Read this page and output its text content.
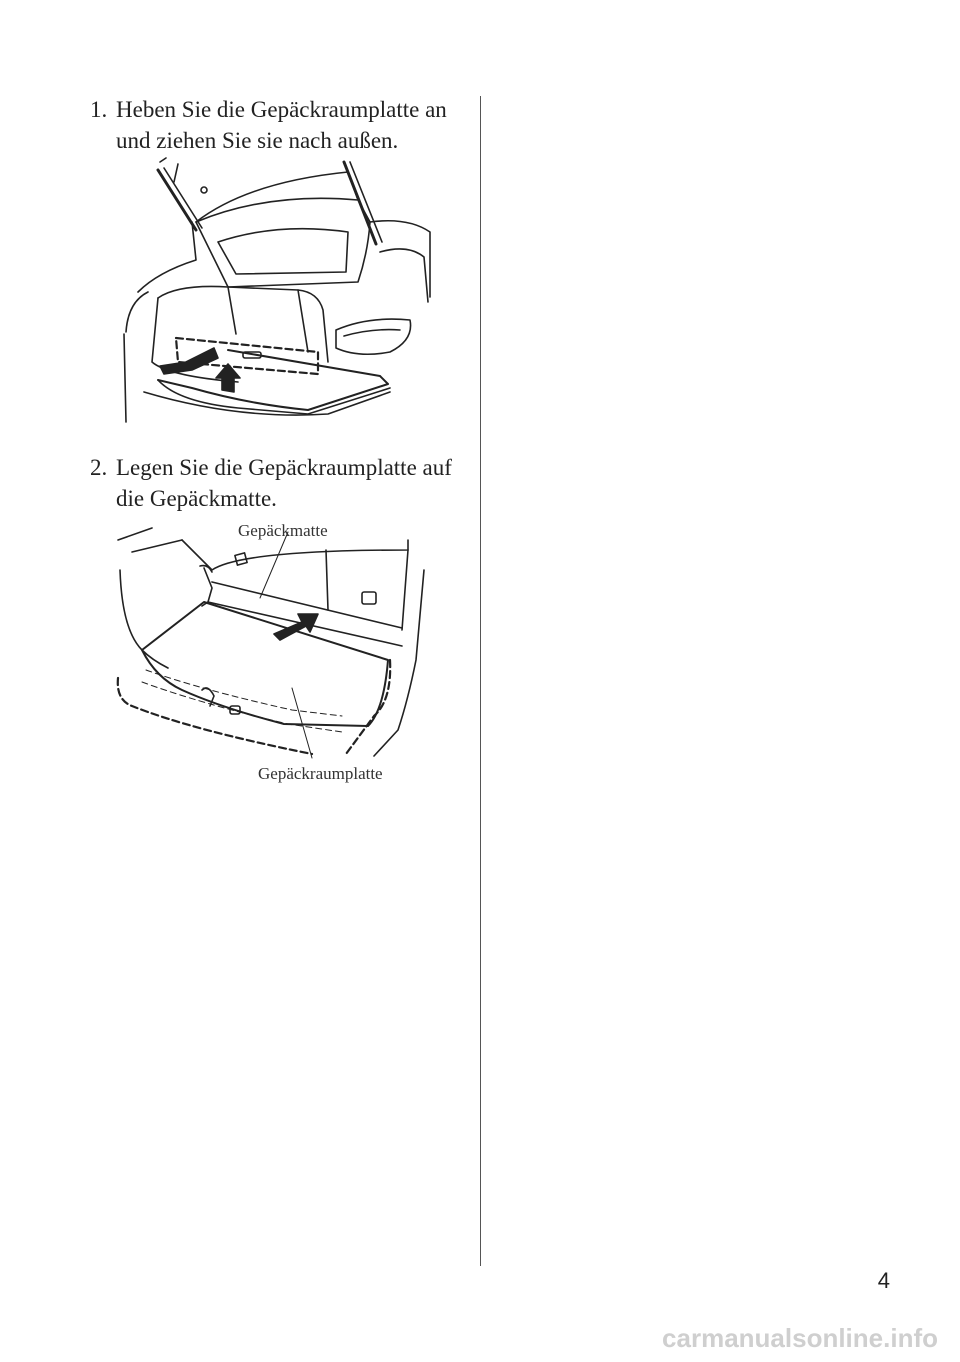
1. Heben Sie die Gepäckraumplatte an und ziehen Sie sie nach außen.
2. Legen Sie die Gepäckraumplatte auf die Gepäckmatte.
Gepäckmatte
Gepäckraumplatte
4
carmanualsonline.info
